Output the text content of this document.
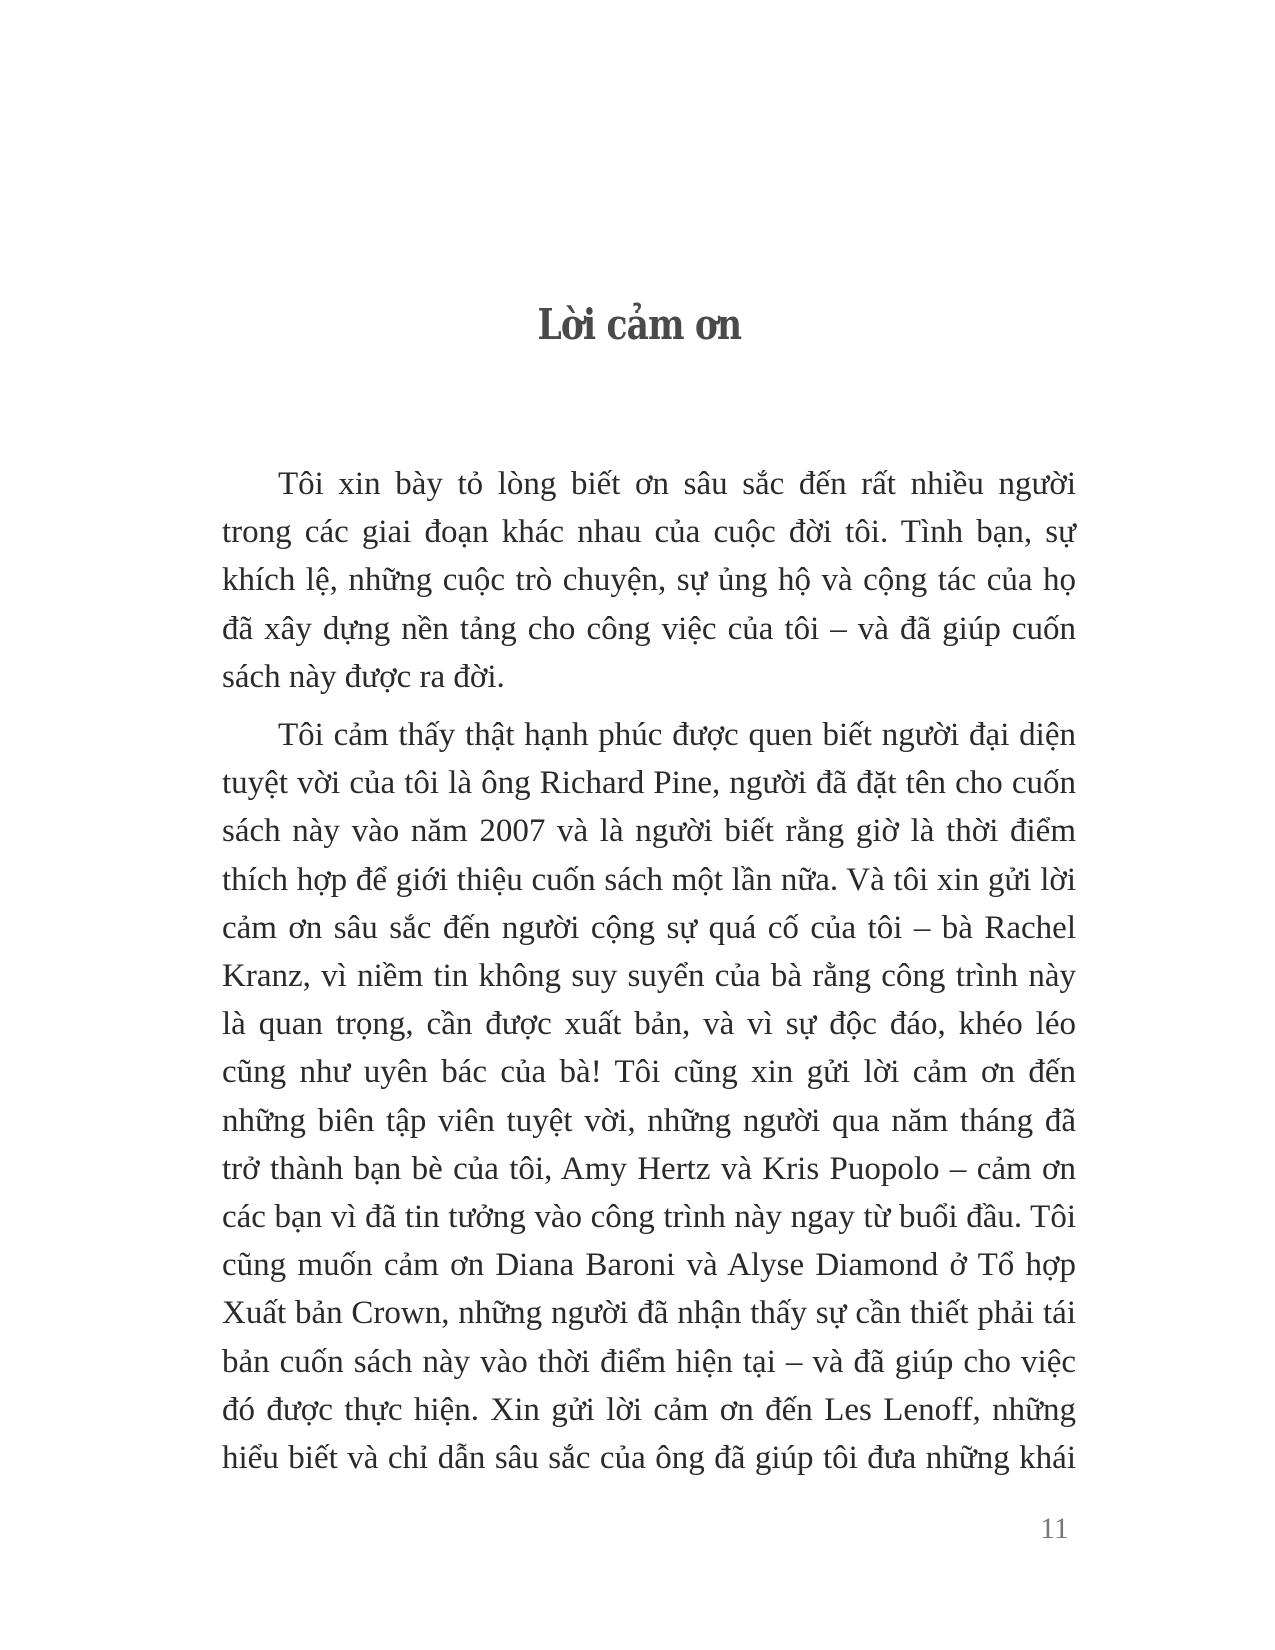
Lời cảm ơn

Tôi xin bày tỏ lòng biết ơn sâu sắc đến rất nhiều người
trong các giai đoạn khác nhau của cuộc đời tôi. Tình bạn, sự
khích lệ, những cuộc trò chuyện, sự ủng hộ và cộng tác của họ
đã xây dựng nền tảng cho công việc của tôi – và đã giúp cuốn
sách này được ra đời.

Tôi cảm thấy thật hạnh phúc được quen biết người đại diện
tuyệt vời của tôi là ông Richard Pine, người đã đặt tên cho cuốn
sách này vào năm 2007 và là người biết rằng giờ là thời điểm
thích hợp để giới thiệu cuốn sách một lần nữa. Và tôi xin gửi lời
cảm ơn sâu sắc đến người cộng sự quá cố của tôi – bà Rachel
Kranz, vì niềm tin không suy suyển của bà rằng công trình này
là quan trọng, cần được xuất bản, và vì sự độc đáo, khéo léo
cũng như uyên bác của bà! Tôi cũng xin gửi lời cảm ơn đến
những biên tập viên tuyệt vời, những người qua năm tháng đã
trở thành bạn bè của tôi, Amy Hertz và Kris Puopolo – cảm ơn
các bạn vì đã tin tưởng vào công trình này ngay từ buổi đầu. Tôi
cũng muốn cảm ơn Diana Baroni và Alyse Diamond ở Tổ hợp
Xuất bản Crown, những người đã nhận thấy sự cần thiết phải tái
bản cuốn sách này vào thời điểm hiện tại – và đã giúp cho việc
đó được thực hiện. Xin gửi lời cảm ơn đến Les Lenoff, những
hiểu biết và chỉ dẫn sâu sắc của ông đã giúp tôi đưa những khái

11
